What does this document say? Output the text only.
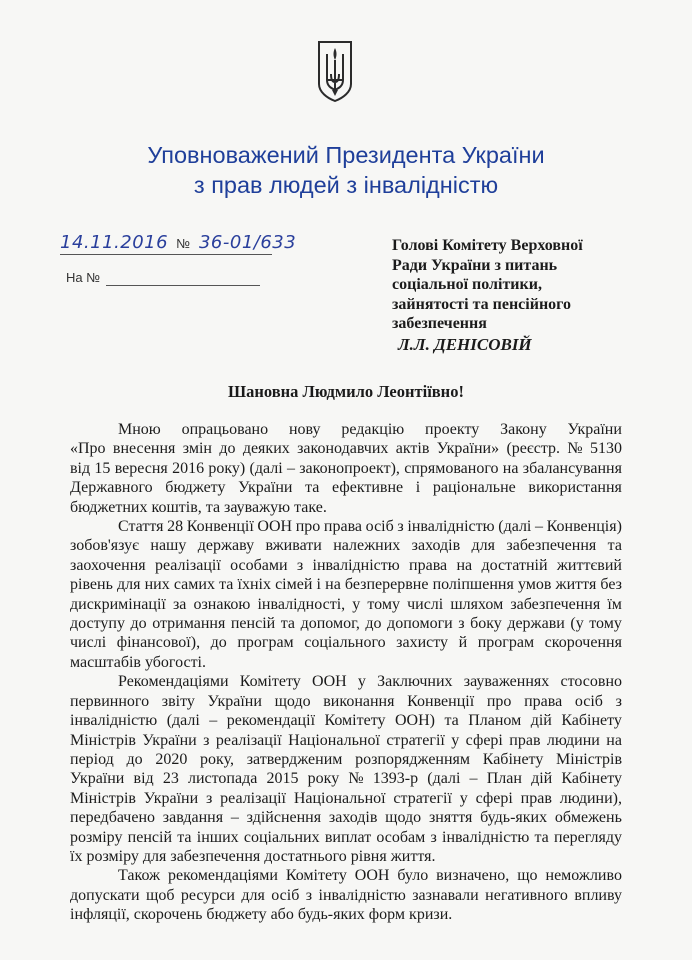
Уповноважений Президента України
з прав людей з інвалідністю
14.11.2016 № 36-01/633
На №
Голові Комітету Верховної
Ради України з питань
соціальної політики,
зайнятості та пенсійного
забезпечення
Л.Л. ДЕНІСОВІЙ
Шановна Людмило Леонтіївно!
Мною опрацьовано нову редакцію проекту Закону України
«Про внесення змін до деяких законодавчих актів України» (реєстр. № 5130
від 15 вересня 2016 року) (далі – законопроект), спрямованого на збалансування
Державного бюджету України та ефективне і раціональне використання
бюджетних коштів, та зауважую таке.
Стаття 28 Конвенції ООН про права осіб з інвалідністю (далі – Конвенція)
зобов'язує нашу державу вживати належних заходів для забезпечення та
заохочення реалізації особами з інвалідністю права на достатній життєвий
рівень для них самих та їхніх сімей і на безперервне поліпшення умов життя без
дискримінації за ознакою інвалідності, у тому числі шляхом забезпечення їм
доступу до отримання пенсій та допомог, до допомоги з боку держави (у тому
числі фінансової), до програм соціального захисту й програм скорочення
масштабів убогості.
Рекомендаціями Комітету ООН у Заключних зауваженнях стосовно
первинного звіту України щодо виконання Конвенції про права осіб з
інвалідністю (далі – рекомендації Комітету ООН) та Планом дій Кабінету
Міністрів України з реалізації Національної стратегії у сфері прав людини на
період до 2020 року, затвердженим розпорядженням Кабінету Міністрів
України від 23 листопада 2015 року № 1393-р (далі – План дій Кабінету
Міністрів України з реалізації Національної стратегії у сфері прав людини),
передбачено завдання – здійснення заходів щодо зняття будь-яких обмежень
розміру пенсій та інших соціальних виплат особам з інвалідністю та перегляду
їх розміру для забезпечення достатнього рівня життя.
Також рекомендаціями Комітету ООН було визначено, що неможливо
допускати щоб ресурси для осіб з інвалідністю зазнавали негативного впливу
інфляції, скорочень бюджету або будь-яких форм кризи.
